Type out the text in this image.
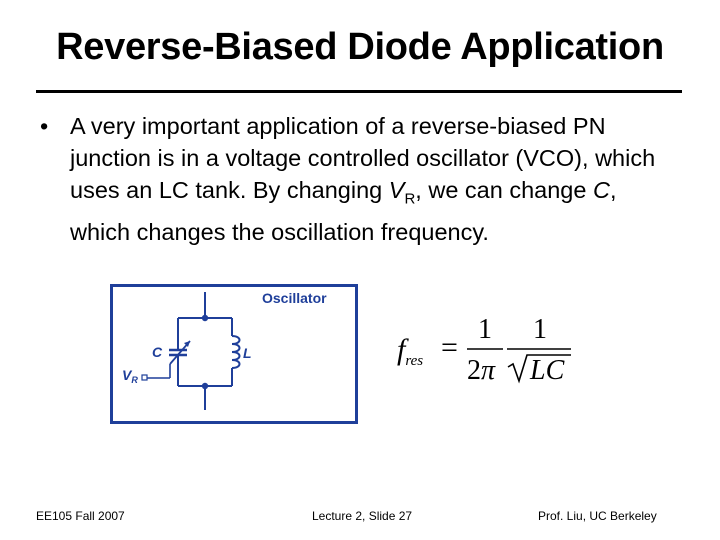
Reverse-Biased Diode Application
• A very important application of a reverse-biased PN junction is in a voltage controlled oscillator (VCO), which uses an LC tank. By changing $V_R$, we can change C, which changes the oscillation frequency.
Oscillator
C
$V_R$
L	$f_{res}$ =
1
2π
1
LC
EE105 Fall 2007	Lecture 2, Slide 27	Prof. Liu, UC Berkeley
